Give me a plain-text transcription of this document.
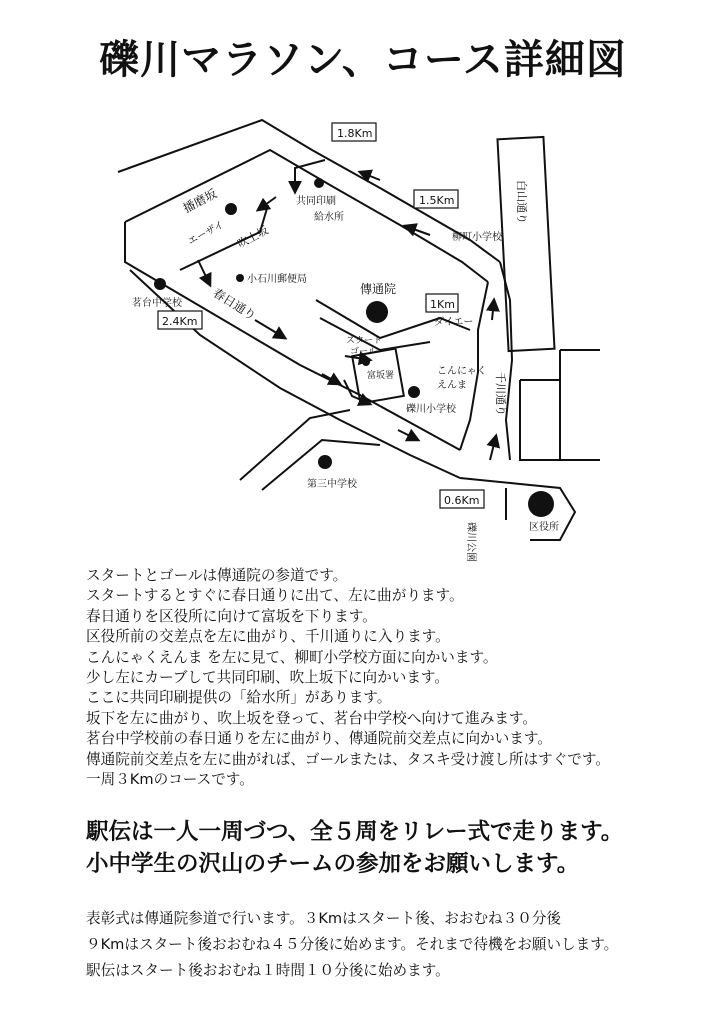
礫川マラソン、コース詳細図
1.8Km
1.5Km
1Km
2.4Km
0.6Km
播磨坂
吹上坂
春日通り
白山通り
千川通り
エーザイ
共同印刷
給水所
小石川郵便局
傳通院
スタート
ゴール
富坂署	こんにゃく
えんま
礫川小学校
柳町小学校
ダイエー
茗台中学校
第三中学校
区役所
礫川公園
スタートとゴールは傳通院の参道です。
スタートするとすぐに春日通りに出て、左に曲がります。
春日通りを区役所に向けて富坂を下ります。
区役所前の交差点を左に曲がり、千川通りに入ります。
こんにゃくえんま を左に見て、柳町小学校方面に向かいます。
少し左にカーブして共同印刷、吹上坂下に向かいます。
ここに共同印刷提供の「給水所」があります。
坂下を左に曲がり、吹上坂を登って、茗台中学校へ向けて進みます。
茗台中学校前の春日通りを左に曲がり、傳通院前交差点に向かいます。
傳通院前交差点を左に曲がれば、ゴールまたは、タスキ受け渡し所はすぐです。
一周３Kmのコースです。
駅伝は一人一周づつ、全５周をリレー式で走ります。
小中学生の沢山のチームの参加をお願いします。
表彰式は傳通院参道で行います。３Kmはスタート後、おおむね３０分後
９Kmはスタート後おおむね４５分後に始めます。それまで待機をお願いします。
駅伝はスタート後おおむね１時間１０分後に始めます。
